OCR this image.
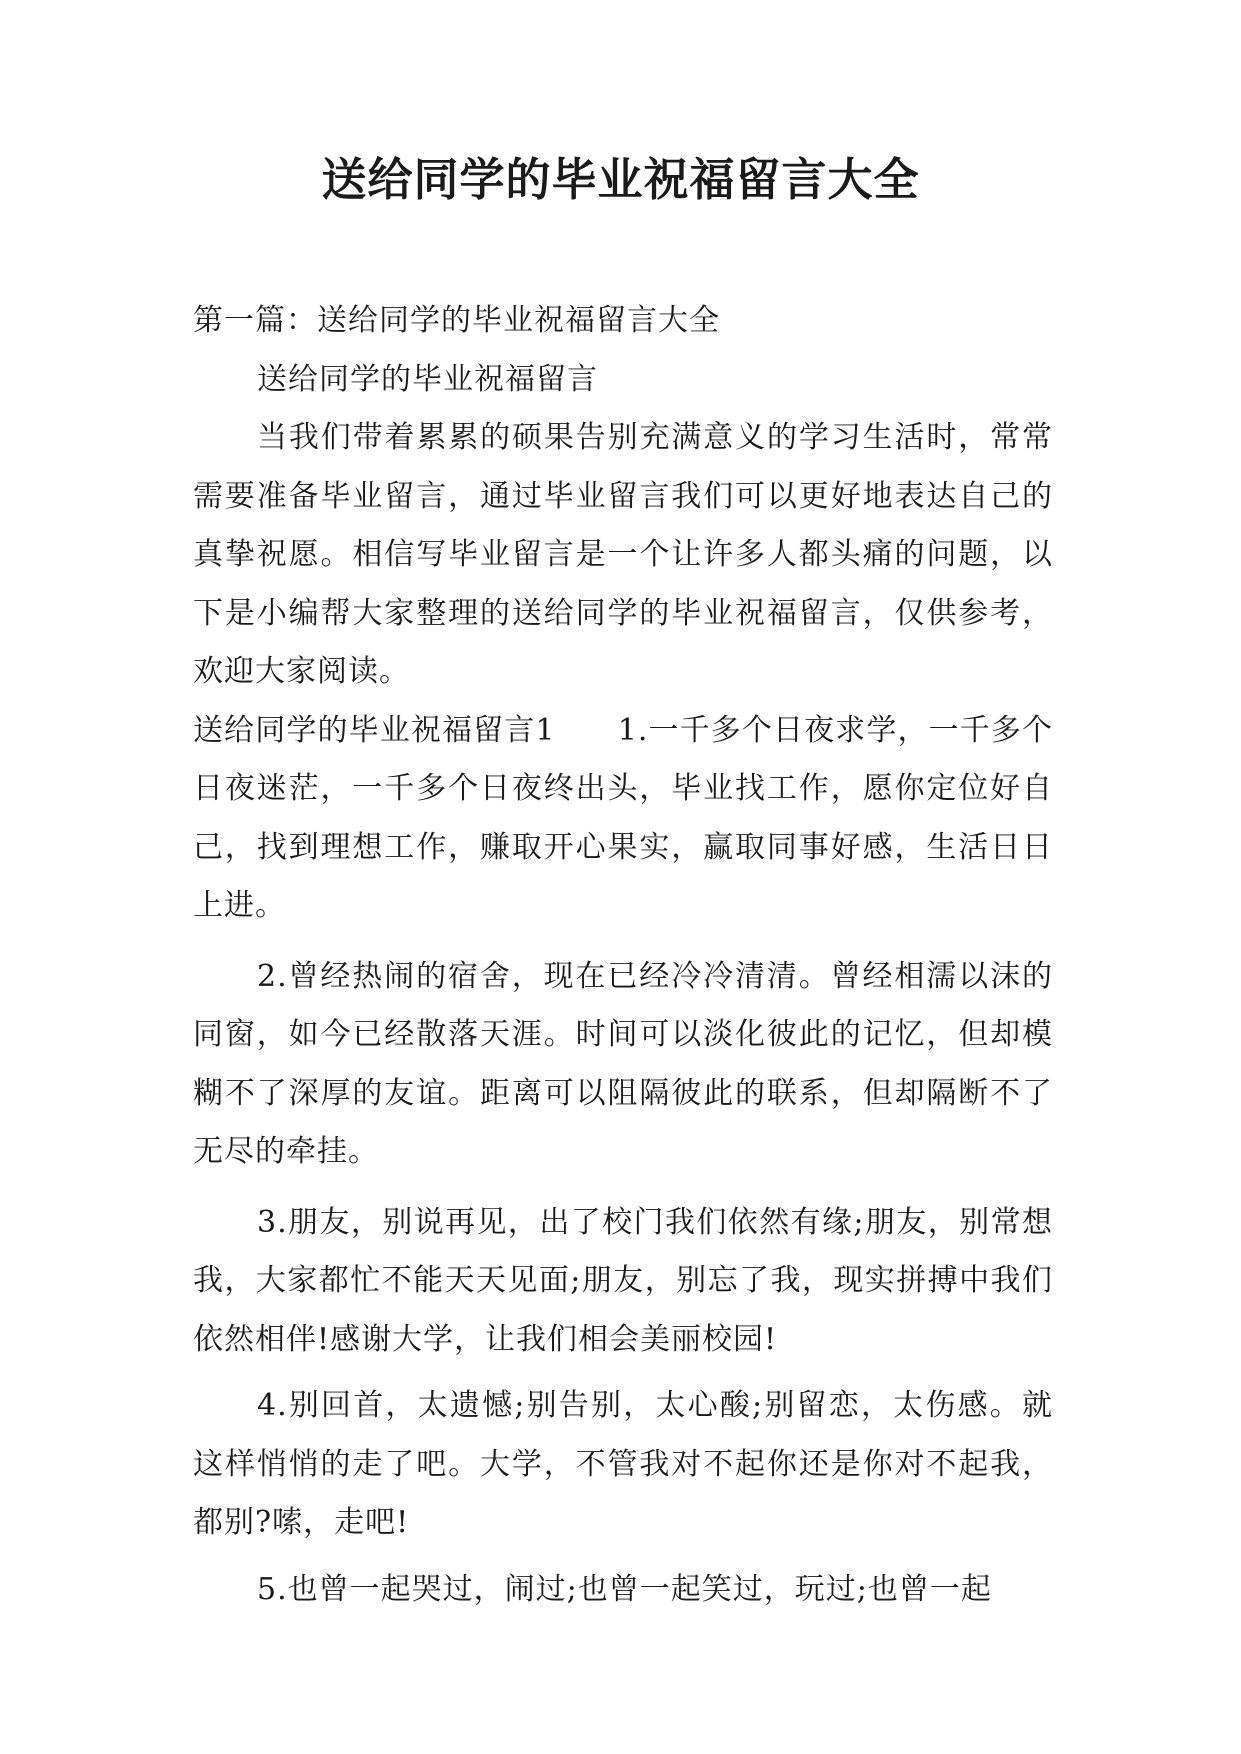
送给同学的毕业祝福留言大全

第一篇：送给同学的毕业祝福留言大全

送给同学的毕业祝福留言

当我们带着累累的硕果告别充满意义的学习生活时，常常需要准备毕业留言，通过毕业留言我们可以更好地表达自己的真挚祝愿。相信写毕业留言是一个让许多人都头痛的问题，以下是小编帮大家整理的送给同学的毕业祝福留言，仅供参考，欢迎大家阅读。

送给同学的毕业祝福留言1　　1.一千多个日夜求学，一千多个日夜迷茫，一千多个日夜终出头，毕业找工作，愿你定位好自己，找到理想工作，赚取开心果实，赢取同事好感，生活日日上进。

2.曾经热闹的宿舍，现在已经冷冷清清。曾经相濡以沫的同窗，如今已经散落天涯。时间可以淡化彼此的记忆，但却模糊不了深厚的友谊。距离可以阻隔彼此的联系，但却隔断不了无尽的牵挂。

3.朋友，别说再见，出了校门我们依然有缘;朋友，别常想我，大家都忙不能天天见面;朋友，别忘了我，现实拼搏中我们依然相伴!感谢大学，让我们相会美丽校园!

4.别回首，太遗憾;别告别，太心酸;别留恋，太伤感。就这样悄悄的走了吧。大学，不管我对不起你还是你对不起我，都别?嗦，走吧!

5.也曾一起哭过，闹过;也曾一起笑过，玩过;也曾一起
